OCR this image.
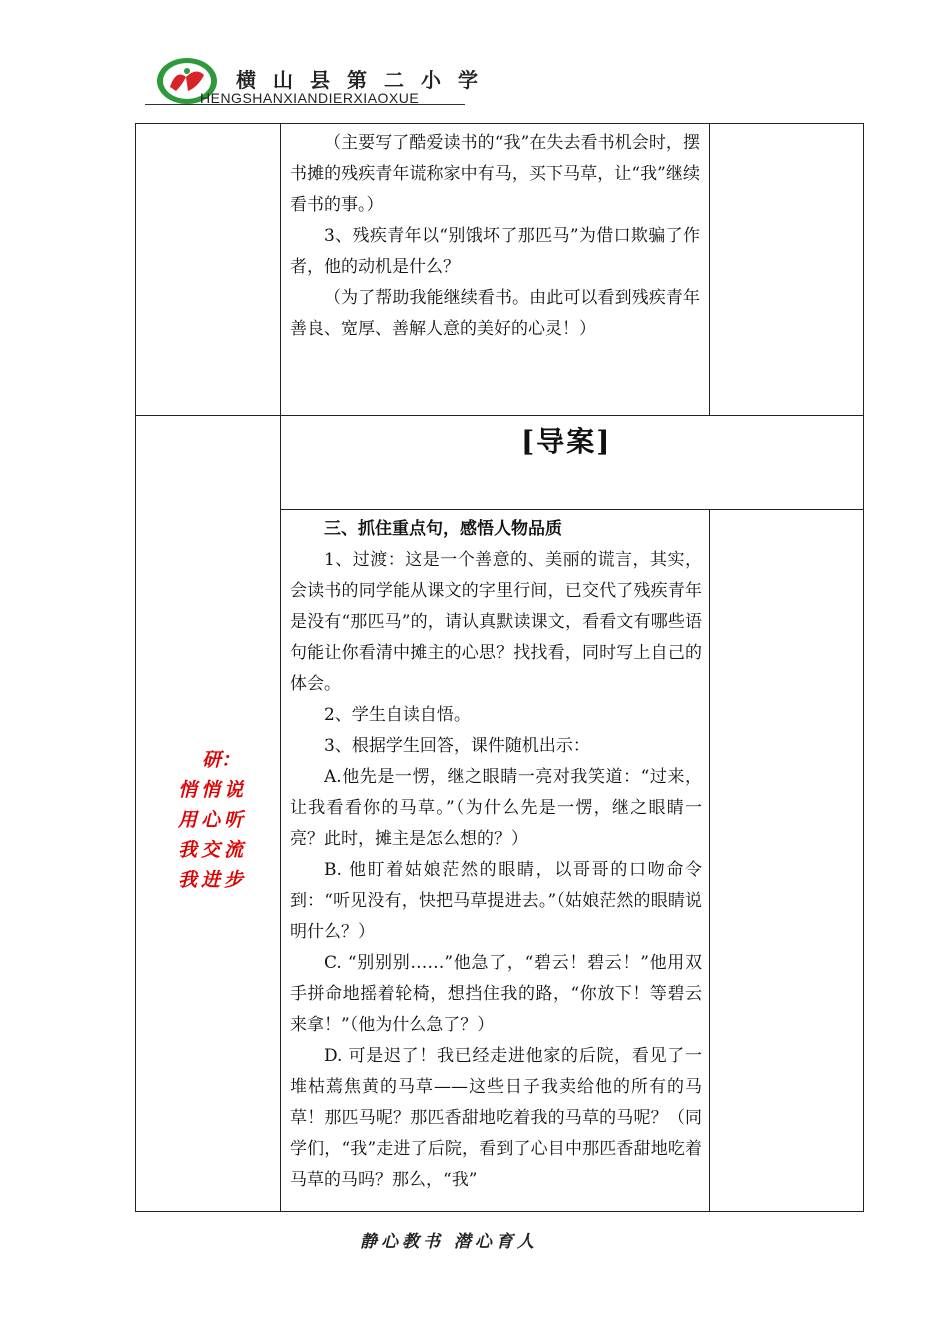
横山县第二小学
HENGSHANXIANDIERXIAOXUE

（主要写了酷爱读书的“我”在失去看书机会时，摆书摊的残疾青年谎称家中有马，买下马草，让“我”继续看书的事。）

3、残疾青年以“别饿坏了那匹马”为借口欺骗了作者，他的动机是什么？

（为了帮助我能继续看书。由此可以看到残疾青年善良、宽厚、善解人意的美好的心灵！）

[导案]
研：
悄悄说
用心听
我交流
我进步

三、抓住重点句，感悟人物品质

1、过渡：这是一个善意的、美丽的谎言，其实，会读书的同学能从课文的字里行间，已交代了残疾青年是没有“那匹马”的，请认真默读课文，看看文有哪些语句能让你看清中摊主的心思？找找看，同时写上自己的体会。

2、学生自读自悟。

3、根据学生回答，课件随机出示：

A.他先是一愣，继之眼睛一亮对我笑道：“过来，让我看看你的马草。”（为什么先是一愣，继之眼睛一亮？此时，摊主是怎么想的？）

B. 他盯着姑娘茫然的眼睛，以哥哥的口吻命令到：“听见没有，快把马草提进去。”（姑娘茫然的眼睛说明什么？）

C. “别别别……”他急了，“碧云！碧云！”他用双手拼命地摇着轮椅，想挡住我的路，“你放下！等碧云来拿！”（他为什么急了？）

D. 可是迟了！我已经走进他家的后院，看见了一堆枯蔫焦黄的马草——这些日子我卖给他的所有的马草！那匹马呢？那匹香甜地吃着我的马草的马呢？（同学们，“我”走进了后院，看到了心目中那匹香甜地吃着马草的马吗？那么，“我”

静心教书 潜心育人
